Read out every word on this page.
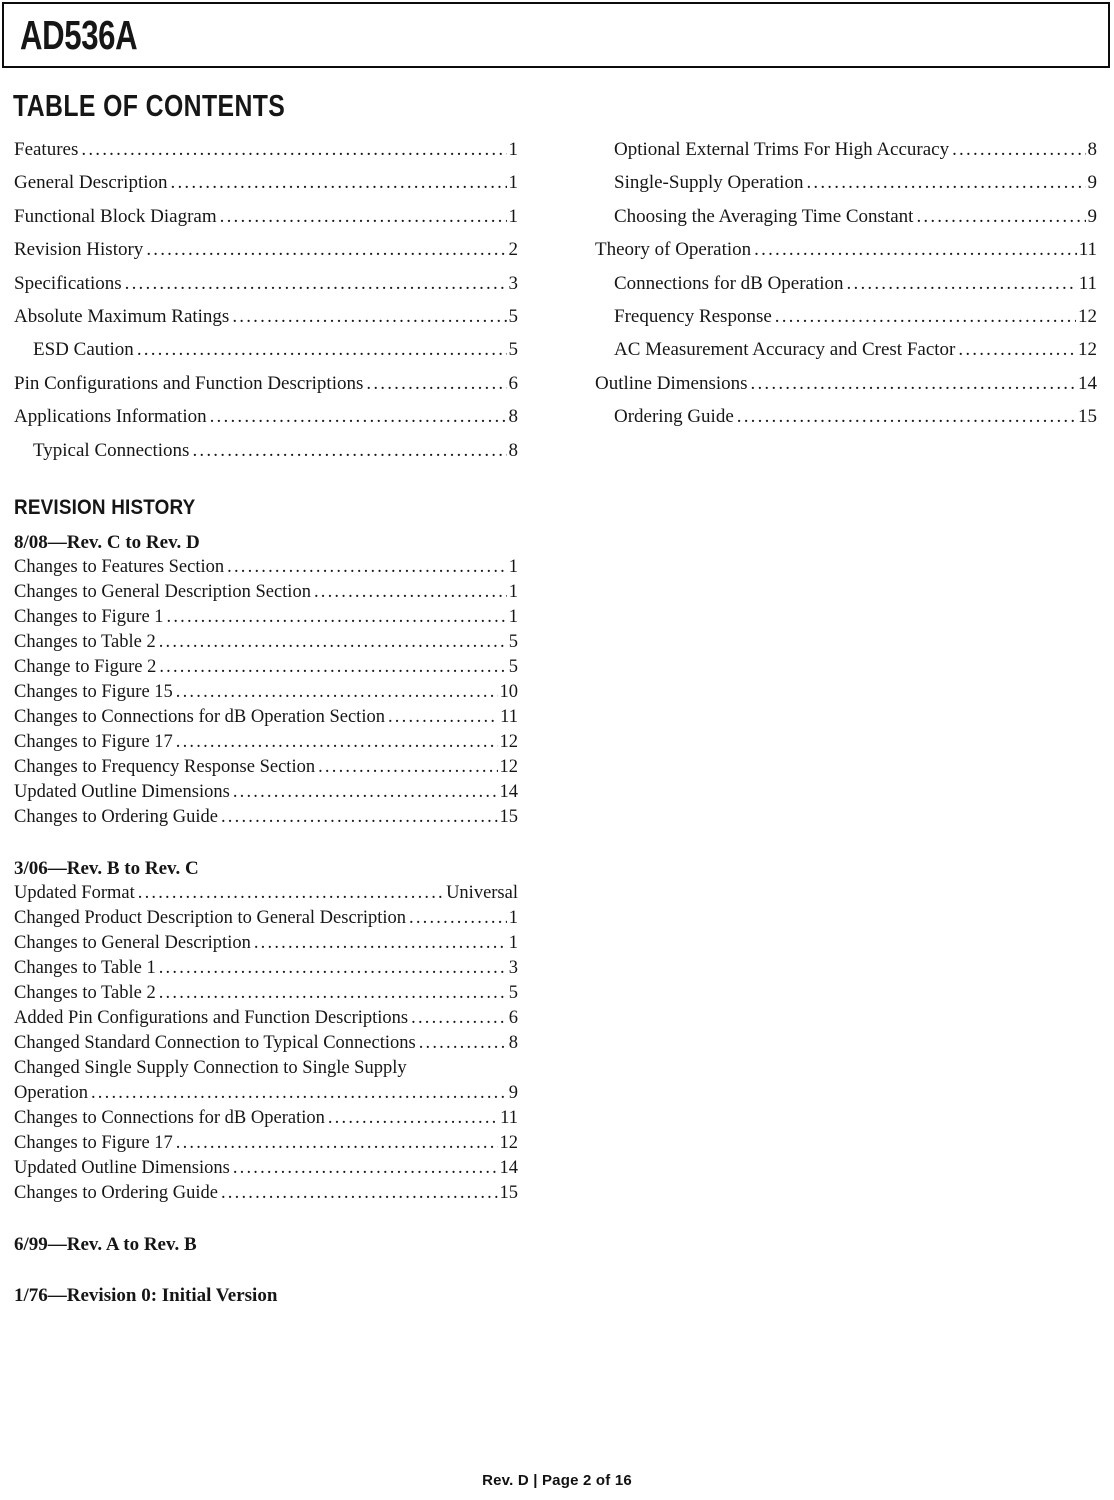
AD536A
TABLE OF CONTENTS
Features .....	1
General Description .....	1
Functional Block Diagram .....	1
Revision History .....	2
Specifications .....	3
Absolute Maximum Ratings .....	5
ESD Caution .....	5
Pin Configurations and Function Descriptions .....	6
Applications Information .....	8
Typical Connections .....	8
Optional External Trims For High Accuracy .....	8
Single-Supply Operation .....	9
Choosing the Averaging Time Constant .....	9
Theory of Operation .....	11
Connections for dB Operation .....	11
Frequency Response .....	12
AC Measurement Accuracy and Crest Factor .....	12
Outline Dimensions .....	14
Ordering Guide .....	15
REVISION HISTORY
8/08—Rev. C to Rev. D
Changes to Features Section .....	1
Changes to General Description Section .....	1
Changes to Figure 1 .....	1
Changes to Table 2 .....	5
Change to Figure 2 .....	5
Changes to Figure 15 .....	10
Changes to Connections for dB Operation Section .....	11
Changes to Figure 17 .....	12
Changes to Frequency Response Section .....	12
Updated Outline Dimensions .....	14
Changes to Ordering Guide .....	15
3/06—Rev. B to Rev. C
Updated Format .....	Universal
Changed Product Description to General Description .....	1
Changes to General Description .....	1
Changes to Table 1 .....	3
Changes to Table 2 .....	5
Added Pin Configurations and Function Descriptions .....	6
Changed Standard Connection to Typical Connections .....	8
Changed Single Supply Connection to Single Supply
Operation .....	9
Changes to Connections for dB Operation .....	11
Changes to Figure 17 .....	12
Updated Outline Dimensions .....	14
Changes to Ordering Guide .....	15
6/99—Rev. A to Rev. B
1/76—Revision 0: Initial Version
Rev. D | Page 2 of 16
